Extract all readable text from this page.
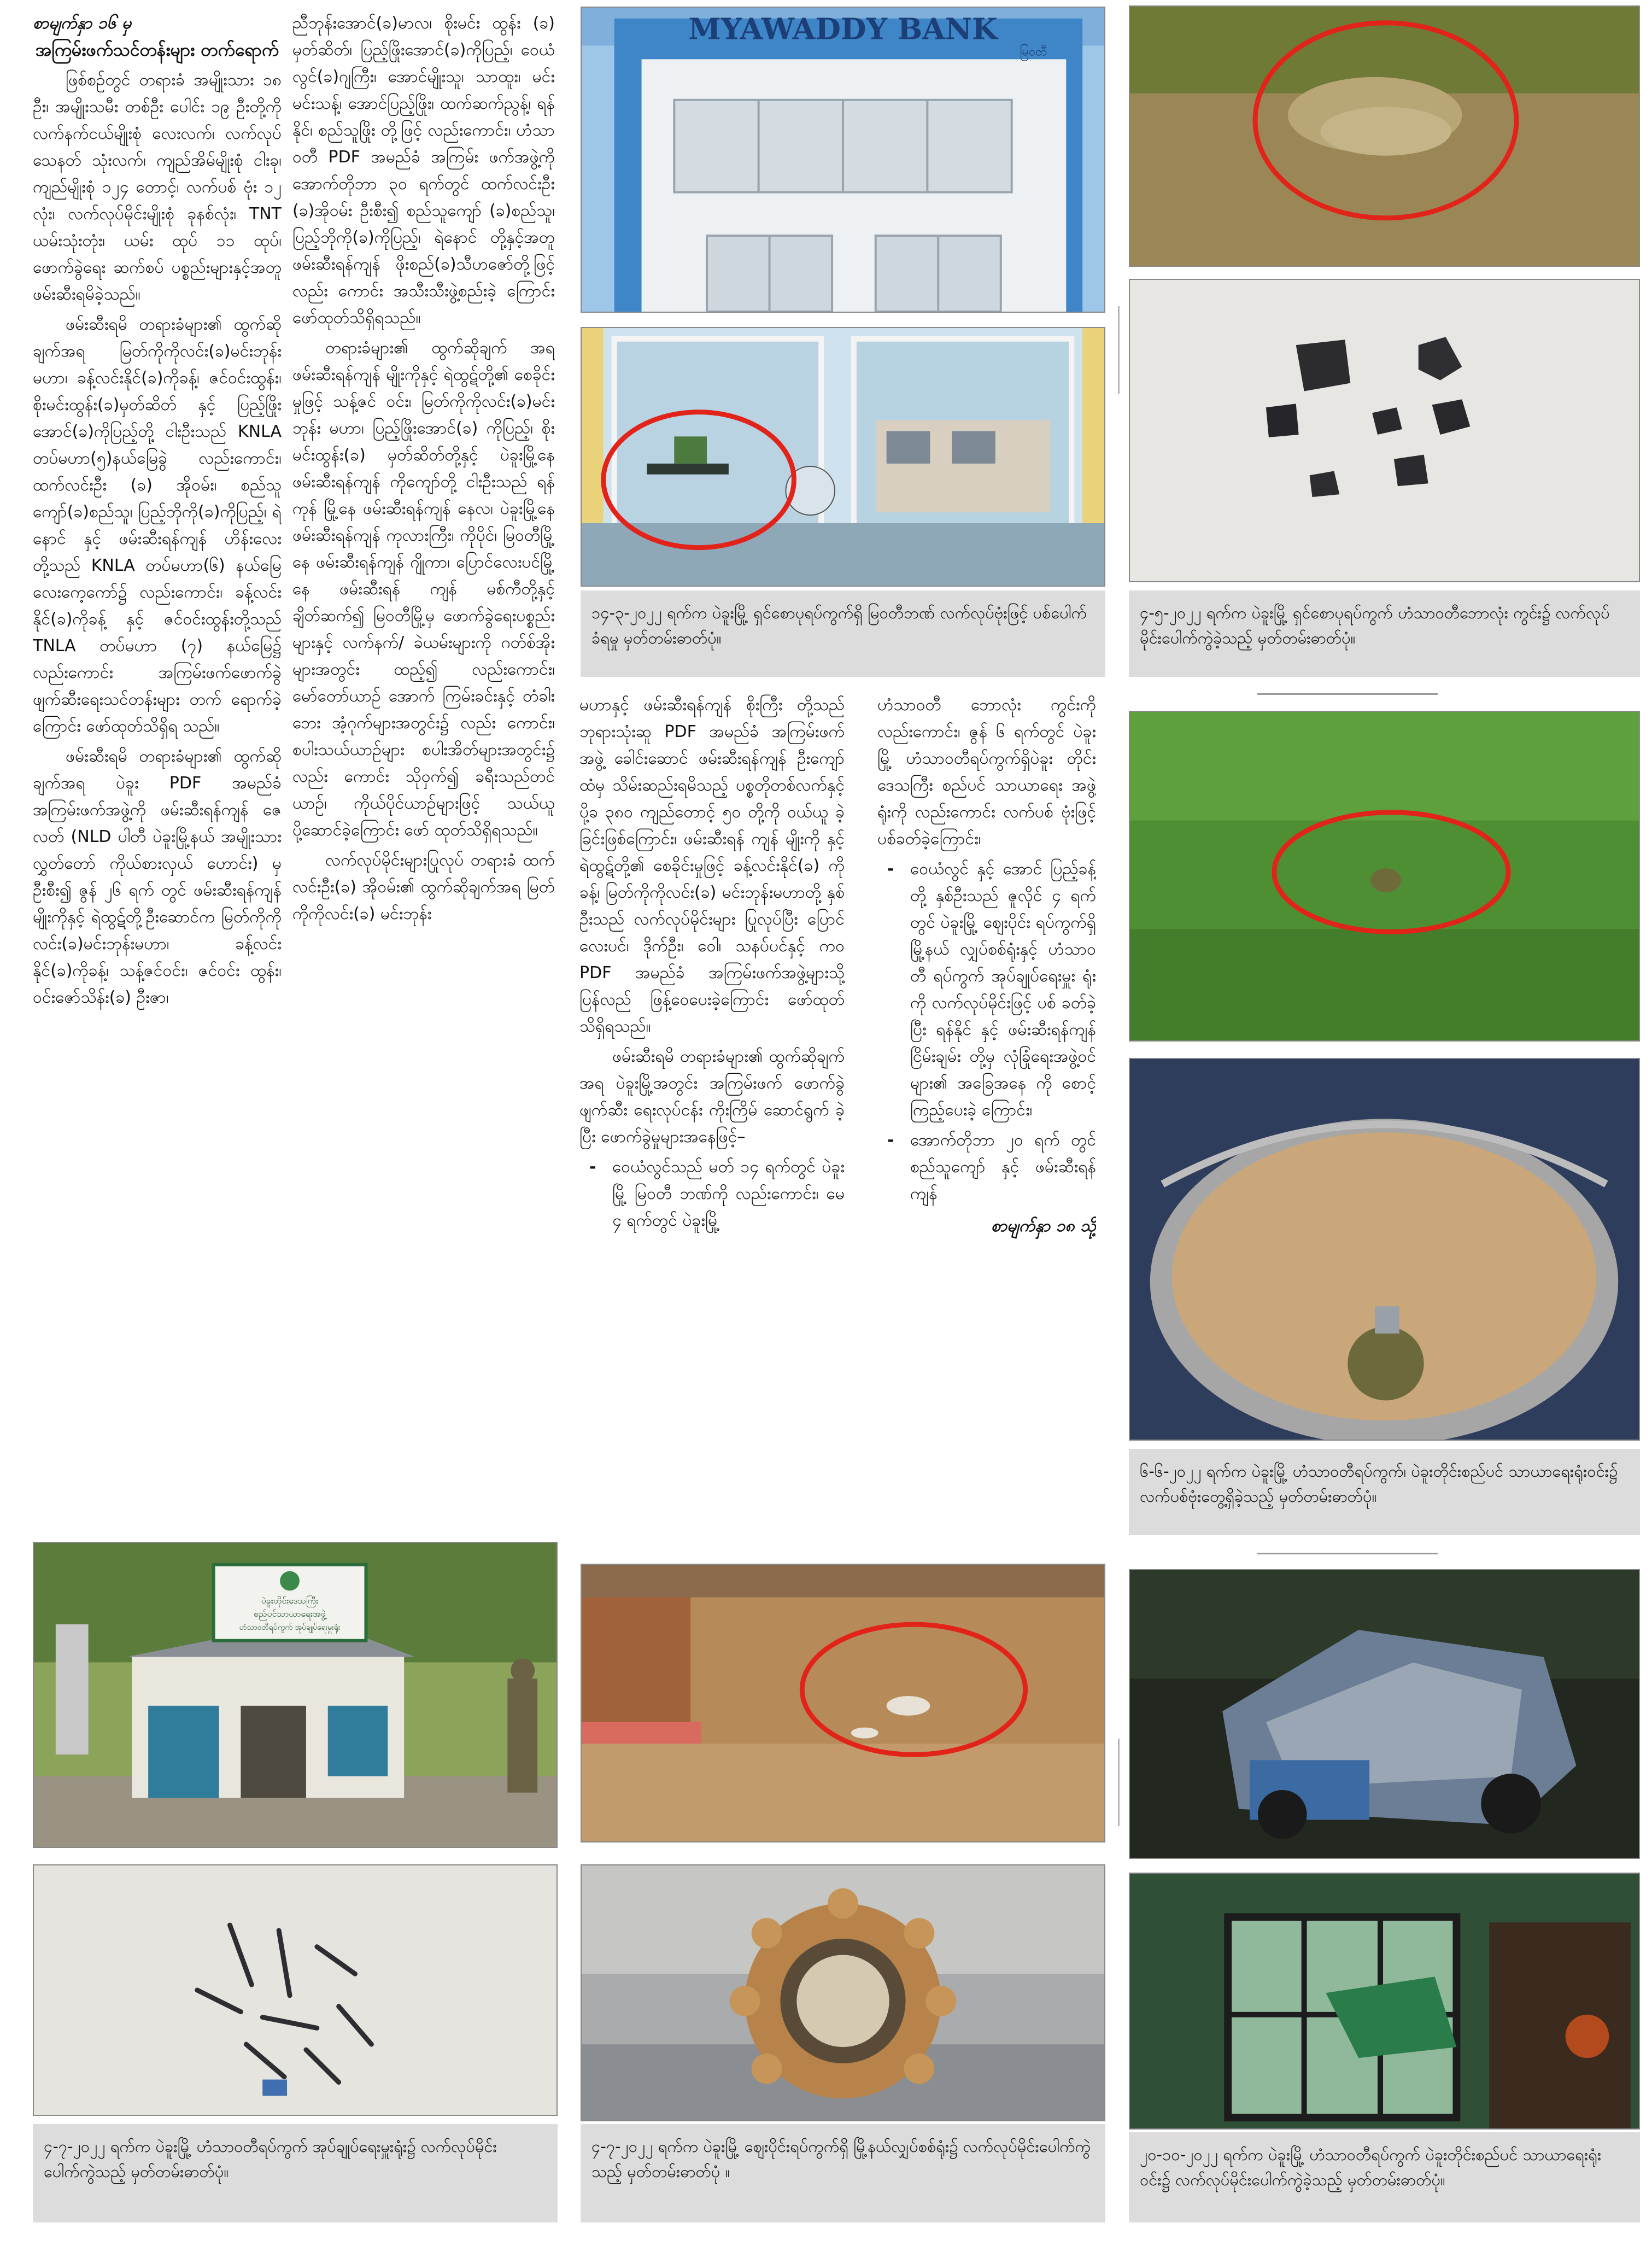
စာမျက်နှာ ၁၆ မှ
အကြမ်းဖက်သင်တန်းများ တက်ရောက်

ဖြစ်စဉ်တွင် တရားခံ အမျိုးသား ၁၈ ဦး၊ အမျိုးသမီး တစ်ဦး ပေါင်း ၁၉ ဦးတို့ကို လက်နက်ငယ်မျိုးစုံ လေးလက်၊ လက်လုပ်သေနတ် သုံးလက်၊ ကျည်အိမ်မျိုးစုံ ငါးခု၊ ကျည်မျိုးစုံ ၁၂၄ တောင့်၊ လက်ပစ် ဗုံး ၁၂ လုံး၊ လက်လုပ်မိုင်းမျိုးစုံ ခုနစ်လုံး၊ TNT ယမ်းသုံးတုံး၊ ယမ်း ထုပ် ၁၁ ထုပ်၊ ဖောက်ခွဲရေး ဆက်စပ် ပစ္စည်းများနှင့်အတူ ဖမ်းဆီးရမိခဲ့သည်။

ဖမ်းဆီးရမိ တရားခံများ၏ ထွက်ဆိုချက်အရ မြတ်ကိုကိုလင်း(ခ)မင်းဘုန်းမဟာ၊ ခန့်လင်းနိုင်(ခ)ကိုခန့်၊ ဇင်ဝင်းထွန်း၊ စိုးမင်းထွန်း(ခ)မှတ်ဆိတ် နှင့် ပြည့်ဖြိုးအောင်(ခ)ကိုပြည့်တို့ ငါးဦးသည် KNLA တပ်မဟာ(၅)နယ်မြေခွဲ လည်းကောင်း၊ ထက်လင်းဦး (ခ) အိုဝမ်း၊ စည်သူကျော်(ခ)စည်သူ၊ ပြည့်ဘိုကို(ခ)ကိုပြည့်၊ ရဲနောင် နှင့် ဖမ်းဆီးရန်ကျန် ဟိန်းလေး တို့သည် KNLA တပ်မဟာ(၆) နယ်မြေ လေးကေ့ကော်၌ လည်းကောင်း၊ ခန့်လင်းနိုင်(ခ)ကိုခန့် နှင့် ဇင်ဝင်းထွန်းတို့သည် TNLA တပ်မဟာ (၇) နယ်မြေ၌ လည်းကောင်း အကြမ်းဖက်ဖောက်ခွဲ ဖျက်ဆီးရေးသင်တန်းများ တက် ရောက်ခဲ့ကြောင်း ဖော်ထုတ်သိရှိရ သည်။

ဖမ်းဆီးရမိ တရားခံများ၏ ထွက်ဆိုချက်အရ ပဲခူး PDF အမည်ခံ အကြမ်းဖက်အဖွဲ့ကို ဖမ်းဆီးရန်ကျန် ဇေလတ် (NLD ပါတီ ပဲခူးမြို့နယ် အမျိုးသား လွှတ်တော် ကိုယ်စားလှယ် ဟောင်း) မှ ဦးစီး၍ ဇွန် ၂၆ ရက် တွင် ဖမ်းဆီးရန်ကျန် မျိုးကိုနှင့် ရဲထွဋ်တို့ဦးဆောင်က မြတ်ကိုကို လင်း(ခ)မင်းဘုန်းမဟာ၊ ခန့်လင်း နိုင်(ခ)ကိုခန့်၊ သန့်ဇင်ဝင်း၊ ဇင်ဝင်း ထွန်း၊ ဝင်းဇော်သိန်း(ခ) ဦးဇာ၊

ညီဘုန်းအောင်(ခ)မာလ၊ စိုးမင်း ထွန်း (ခ) မှတ်ဆိတ်၊ ပြည့်ဖြိုးအောင်(ခ)ကိုပြည့်၊ ဝေယံလွင်(ခ)ဂျကြီး၊ အောင်မျိုးသူ၊ သာထူး၊ မင်းမင်းသန့်၊ အောင်ပြည့်ဖြိုး၊ ထက်ဆက်ညွန့်၊ ရန်နိုင်၊ စည်သူဖြိုး တို့ဖြင့် လည်းကောင်း၊ ဟံသာဝတီ PDF အမည်ခံ အကြမ်း ဖက်အဖွဲ့ကို အောက်တိုဘာ ၃၀ ရက်တွင် ထက်လင်းဦး (ခ)အိုဝမ်း ဦးစီး၍ စည်သူကျော် (ခ)စည်သူ၊ ပြည့်ဘိုကို(ခ)ကိုပြည့်၊ ရဲနောင် တို့နှင့်အတူ ဖမ်းဆီးရန်ကျန် ဖိုးစည်(ခ)သီဟဇော်တို့ဖြင့် လည်း ကောင်း အသီးသီးဖွဲ့စည်းခဲ့ ကြောင်း ဖော်ထုတ်သိရှိရသည်။

တရားခံများ၏ ထွက်ဆိုချက် အရ ဖမ်းဆီးရန်ကျန် မျိုးကိုနှင့် ရဲထွဋ်တို့၏ စေခိုင်းမှုဖြင့် သန့်ဇင် ဝင်း၊ မြတ်ကိုကိုလင်း(ခ)မင်းဘုန်း မဟာ၊ ပြည့်ဖြိုးအောင်(ခ) ကိုပြည့်၊ စိုးမင်းထွန်း(ခ) မှတ်ဆိတ်တို့နှင့် ပဲခူးမြို့နေ ဖမ်းဆီးရန်ကျန် ကိုကျော်တို့ ငါးဦးသည် ရန်ကုန် မြို့နေ ဖမ်းဆီးရန်ကျန် နေလ၊ ပဲခူးမြို့နေ ဖမ်းဆီးရန်ကျန် ကုလားကြီး၊ ကိုပိုင်၊ မြဝတီမြို့နေ ဖမ်းဆီးရန်ကျန် ဂျိုကာ၊ ပြောင်လေးပင်မြို့နေ ဖမ်းဆီးရန် ကျန် မစ်ကီတို့နှင့် ချိတ်ဆက်၍ မြဝတီမြို့မှ ဖောက်ခွဲရေးပစ္စည်း များနှင့် လက်နက်/ ခဲယမ်းများကို ဂတ်စ်အိုးများအတွင်း ထည့်၍ လည်းကောင်း၊ မော်တော်ယာဉ် အောက် ကြမ်းခင်းနှင့် တံခါးဘေး အံ့ဂုက်များအတွင်း၌ လည်း ကောင်း၊ စပါးသယ်ယာဉ်များ စပါးအိတ်များအတွင်း၌ လည်း ကောင်း သိုဝှက်၍ ခရီးသည်တင် ယာဉ်၊ ကိုယ်ပိုင်ယာဉ်များဖြင့် သယ်ယူပို့ဆောင်ခဲ့ကြောင်း ဖော် ထုတ်သိရှိရသည်။

လက်လုပ်မိုင်းများပြုလုပ် တရားခံ ထက်လင်းဦး(ခ) အိုဝမ်း၏ ထွက်ဆိုချက်အရ မြတ်ကိုကိုလင်း(ခ) မင်းဘုန်း

မဟာနှင့် ဖမ်းဆီးရန်ကျန် စိုးကြီး တို့သည် ဘုရားသုံးဆူ PDF အမည်ခံ အကြမ်းဖက်အဖွဲ့ ခေါင်းဆောင် ဖမ်းဆီးရန်ကျန် ဦးကျော်ထံမှ သိမ်းဆည်းရမိသည့် ပစ္စတိုတစ်လက်နှင့် ပို့ခ ၃၈၀ ကျည်တောင့် ၅၀ တို့ကို ဝယ်ယူ ခဲ့ခြင်းဖြစ်ကြောင်း၊ ဖမ်းဆီးရန် ကျန် မျိုးကို နှင့် ရဲထွဋ်တို့၏ စေခိုင်းမှုဖြင့် ခန့်လင်းနိုင်(ခ) ကိုခန့်၊ မြတ်ကိုကိုလင်း(ခ) မင်းဘုန်းမဟာတို့ နှစ်ဦးသည် လက်လုပ်မိုင်းများ ပြုလုပ်ပြီး ပြောင်လေးပင်၊ ဒိုက်ဦး၊ ဝေါ၊ သနပ်ပင်နှင့် ကဝ PDF အမည်ခံ အကြမ်းဖက်အဖွဲ့များသို့ ပြန်လည် ဖြန့်ဝေပေးခဲ့ကြောင်း ဖော်ထုတ် သိရှိရသည်။

ဖမ်းဆီးရမိ တရားခံများ၏ ထွက်ဆိုချက်အရ ပဲခူးမြို့အတွင်း အကြမ်းဖက် ဖောက်ခွဲဖျက်ဆီး ရေးလုပ်ငန်း ကိုးကြိမ် ဆောင်ရွက် ခဲ့ပြီး ဖောက်ခွဲမှုများအနေဖြင့်–

- ဝေယံလွင်သည် မတ် ၁၄ ရက်တွင် ပဲခူးမြို့ မြဝတီ ဘဏ်ကို လည်းကောင်း၊ မေ ၄ ရက်တွင် ပဲခူးမြို့

ဟံသာဝတီ ဘောလုံး ကွင်းကို လည်းကောင်း၊ ဇွန် ၆ ရက်တွင် ပဲခူးမြို့ ဟံသာဝတီရပ်ကွက်ရှိပဲခူး တိုင်းဒေသကြီး စည်ပင် သာယာရေး အဖွဲ့ရုံးကို လည်းကောင်း လက်ပစ် ဗုံးဖြင့် ပစ်ခတ်ခဲ့ကြောင်း၊

- ဝေယံလွင် နှင့် အောင် ပြည့်ခန့်တို့ နှစ်ဦးသည် ဇူလိုင် ၄ ရက်တွင် ပဲခူးမြို့ ဈေးပိုင်း ရပ်ကွက်ရှိ မြို့နယ် လျှပ်စစ်ရုံးနှင့် ဟံသာဝတီ ရပ်ကွက် အုပ်ချုပ်ရေးမှူး ရုံးကို လက်လုပ်မိုင်းဖြင့် ပစ် ခတ်ခဲ့ပြီး ရန်နိုင် နှင့် ဖမ်းဆီးရန်ကျန် ငြိမ်းချမ်း တို့မှ လုံခြုံရေးအဖွဲ့ဝင် များ၏ အခြေအနေ ကို စောင့်ကြည့်ပေးခဲ့ ကြောင်း၊
- အောက်တိုဘာ ၂၀ ရက် တွင် စည်သူကျော် နှင့် ဖမ်းဆီးရန်ကျန်
စာမျက်နှာ ၁၈ သို့
MYAWADDY BANK
မြဝတီ

၁၄-၃-၂၀၂၂ ရက်က ပဲခူးမြို့ ရှင်စောပုရပ်ကွက်ရှိ မြဝတီဘဏ် လက်လုပ်ဗုံးဖြင့် ပစ်ပေါက်ခံရမှု မှတ်တမ်းဓာတ်ပုံ။

၄-၅-၂၀၂၂ ရက်က ပဲခူးမြို့ ရှင်စောပုရပ်ကွက် ဟံသာဝတီဘောလုံး ကွင်း၌ လက်လုပ်မိုင်းပေါက်ကွဲခဲ့သည့် မှတ်တမ်းဓာတ်ပုံ။

၆-၆-၂၀၂၂ ရက်က ပဲခူးမြို့ ဟံသာဝတီရပ်ကွက်၊ ပဲခူးတိုင်းစည်ပင် သာယာရေးရုံးဝင်း၌ လက်ပစ်ဗုံးတွေ့ရှိခဲ့သည့် မှတ်တမ်းဓာတ်ပုံ။

ပဲခူးတိုင်းဒေသကြီး
စည်ပင်သာယာရေးအဖွဲ့
ဟံသာဝတီရပ်ကွက် အုပ်ချုပ်ရေးမှူးရုံး

၄-၇-၂၀၂၂ ရက်က ပဲခူးမြို့ ဟံသာဝတီရပ်ကွက် အုပ်ချုပ်ရေးမှူးရုံး၌ လက်လုပ်မိုင်းပေါက်ကွဲသည့် မှတ်တမ်းဓာတ်ပုံ။

၄-၇-၂၀၂၂ ရက်က ပဲခူးမြို့ ဈေးပိုင်းရပ်ကွက်ရှိ မြို့နယ်လျှပ်စစ်ရုံး၌ လက်လုပ်မိုင်းပေါက်ကွဲသည့် မှတ်တမ်းဓာတ်ပုံ ။

၂၀-၁၀-၂၀၂၂ ရက်က ပဲခူးမြို့ ဟံသာဝတီရပ်ကွက် ပဲခူးတိုင်းစည်ပင် သာယာရေးရုံးဝင်း၌ လက်လုပ်မိုင်းပေါက်ကွဲခဲ့သည့် မှတ်တမ်းဓာတ်ပုံ။
